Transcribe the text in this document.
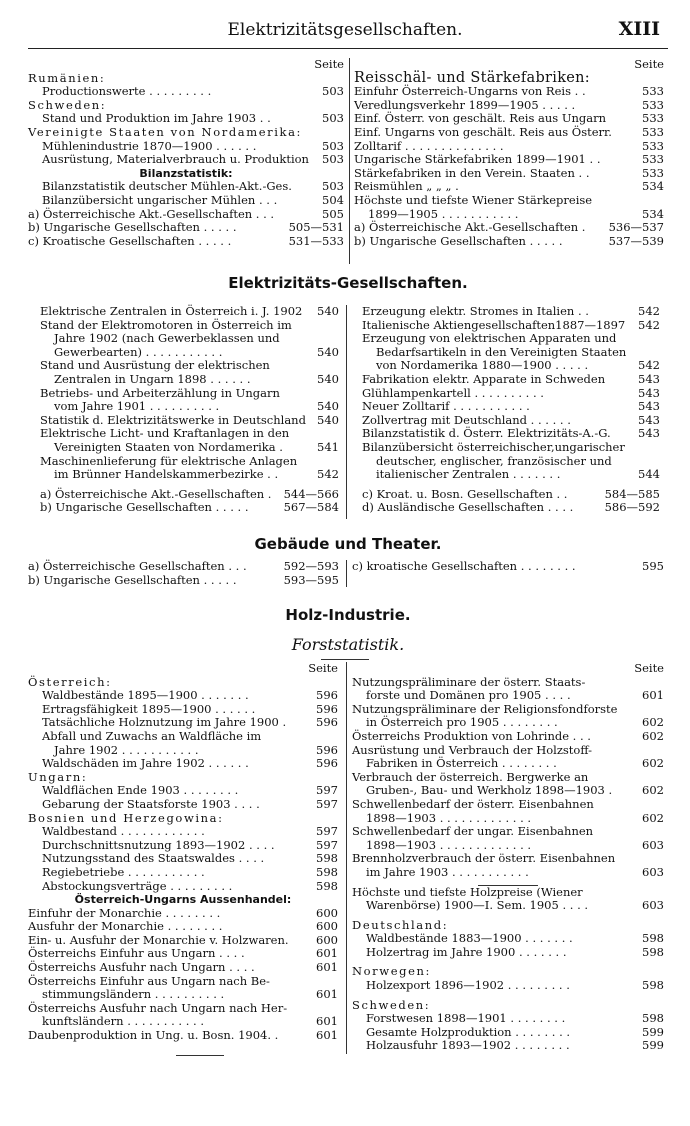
Elektrizitätsgesellschaften.	XIII
Seite
Rumänien:
Productionswerte . . . . . . . . .	503
Schweden:
Stand und Produktion im Jahre 1903 . .	503
Vereinigte Staaten von Nordamerika:
Mühlenindustrie 1870—1900 . . . . . .	503
Ausrüstung, Materialverbrauch u. Produktion 503
Bilanzstatistik:
Bilanzstatistik deutscher Mühlen-Akt.-Ges.	503
Bilanzübersicht ungarischer Mühlen . . .	504
a) Österreichische Akt.-Gesellschaften . . .	505
b) Ungarische Gesellschaften . . . . .	505—531
c) Kroatische Gesellschaften . . . . .	531—533
Seite
Reisschäl- und Stärkefabriken:
Einfuhr Österreich-Ungarns von Reis . .	533
Veredlungsverkehr 1899—1905 . . . . .	533
Einf. Österr. von geschält. Reis aus Ungarn	533
Einf. Ungarns von geschält. Reis aus Österr.	533
Zolltarif . . . . . . . . . . . . . .	533
Ungarische Stärkefabriken 1899—1901 . .	533
Stärkefabriken in den Verein. Staaten . .	533
Reismühlen „ „ „ .	534
Höchste und tiefste Wiener Stärkepreise
1899—1905 . . . . . . . . . . .	534
a) Österreichische Akt.-Gesellschaften . 536—537
b) Ungarische Gesellschaften . . . . .	537—539
Elektrizitäts-Gesellschaften.
Elektrische Zentralen in Österreich i. J. 1902 540
Stand der Elektromotoren in Österreich im
Jahre 1902 (nach Gewerbeklassen und
Gewerbearten) . . . . . . . . . . .	540
Stand und Ausrüstung der elektrischen
Zentralen in Ungarn 1898 . . . . . .	540
Betriebs- und Arbeiterzählung in Ungarn
vom Jahre 1901 . . . . . . . . . .	540
Statistik d. Elektrizitätswerke in Deutschland 540
Elektrische Licht- und Kraftanlagen in den
Vereinigten Staaten von Nordamerika .	541
Maschinenlieferung für elektrische Anlagen
im Brünner Handelskammerbezirke . .	542
a) Österreichische Akt.-Gesellschaften . 544—566
b) Ungarische Gesellschaften . . . . .	567—584
Erzeugung elektr. Stromes in Italien . .	542
Italienische Aktiengesellschaften1887—1897 542
Erzeugung von elektrischen Apparaten und
Bedarfsartikeln in den Vereinigten Staaten
von Nordamerika 1880—1900 . . . . .	542
Fabrikation elektr. Apparate in Schweden	543
Glühlampenkartell . . . . . . . . . .	543
Neuer Zolltarif . . . . . . . . . . .	543
Zollvertrag mit Deutschland . . . . . .	543
Bilanzstatistik d. Österr. Elektrizitäts-A.-G. 543
Bilanzübersicht österreichischer,ungarischer
deutscher, englischer, französischer und
italienischer Zentralen . . . . . . .	544
c) Kroat. u. Bosn. Gesellschaften . .	584—585
d) Ausländische Gesellschaften . . . .	586—592
Gebäude und Theater.
a) Österreichische Gesellschaften . . .	592—593
b) Ungarische Gesellschaften . . . . .	593—595
c) kroatische Gesellschaften . . . . . . . .	595
Holz-Industrie.
Forststatistik.
Seite
Österreich:
Waldbestände 1895—1900 . . . . . . .	596
Ertragsfähigkeit 1895—1900 . . . . . .	596
Tatsächliche Holznutzung im Jahre 1900 .	596
Abfall und Zuwachs an Waldfläche im
Jahre 1902 . . . . . . . . . . .	596
Waldschäden im Jahre 1902 . . . . . .	596
Ungarn:
Waldflächen Ende 1903 . . . . . . . .	597
Gebarung der Staatsforste 1903 . . . .	597
Bosnien und Herzegowina:
Waldbestand . . . . . . . . . . . .	597
Durchschnittsnutzung 1893—1902 . . . .	597
Nutzungsstand des Staatswaldes . . . .	598
Regiebetriebe . . . . . . . . . . .	598
Abstockungsverträge . . . . . . . . .	598
Österreich-Ungarns Aussenhandel:
Einfuhr der Monarchie . . . . . . . .	600
Ausfuhr der Monarchie . . . . . . . .	600
Ein- u. Ausfuhr der Monarchie v. Holzwaren. 600
Österreichs Einfuhr aus Ungarn . . . .	601
Österreichs Ausfuhr nach Ungarn . . . .	601
Österreichs Einfuhr aus Ungarn nach Be-
stimmungsländern . . . . . . . . . .	601
Österreichs Ausfuhr nach Ungarn nach Her-
kunftsländern . . . . . . . . . . .	601
Daubenproduktion in Ung. u. Bosn. 1904. .	601
Seite
Nutzungspräliminare der österr. Staats-
forste und Domänen pro 1905 . . . .	601
Nutzungspräliminare der Religionsfondforste
in Österreich pro 1905 . . . . . . . .	602
Österreichs Produktion von Lohrinde . . .	602
Ausrüstung und Verbrauch der Holzstoff-
Fabriken in Österreich . . . . . . . .	602
Verbrauch der österreich. Bergwerke an
Gruben-, Bau- und Werkholz 1898—1903 .	602
Schwellenbedarf der österr. Eisenbahnen
1898—1903 . . . . . . . . . . . . .	602
Schwellenbedarf der ungar. Eisenbahnen
1898—1903 . . . . . . . . . . . . .	603
Brennholzverbrauch der österr. Eisenbahnen
im Jahre 1903 . . . . . . . . . . .	603
Höchste und tiefste Holzpreise (Wiener
Warenbörse) 1900—I. Sem. 1905 . . . .	603
Deutschland:
Waldbestände 1883—1900 . . . . . . .	598
Holzertrag im Jahre 1900 . . . . . . .	598
Norwegen:
Holzexport 1896—1902 . . . . . . . . .	598
Schweden:
Forstwesen 1898—1901 . . . . . . . .	598
Gesamte Holzproduktion . . . . . . . .	599
Holzausfuhr 1893—1902 . . . . . . . .	599
